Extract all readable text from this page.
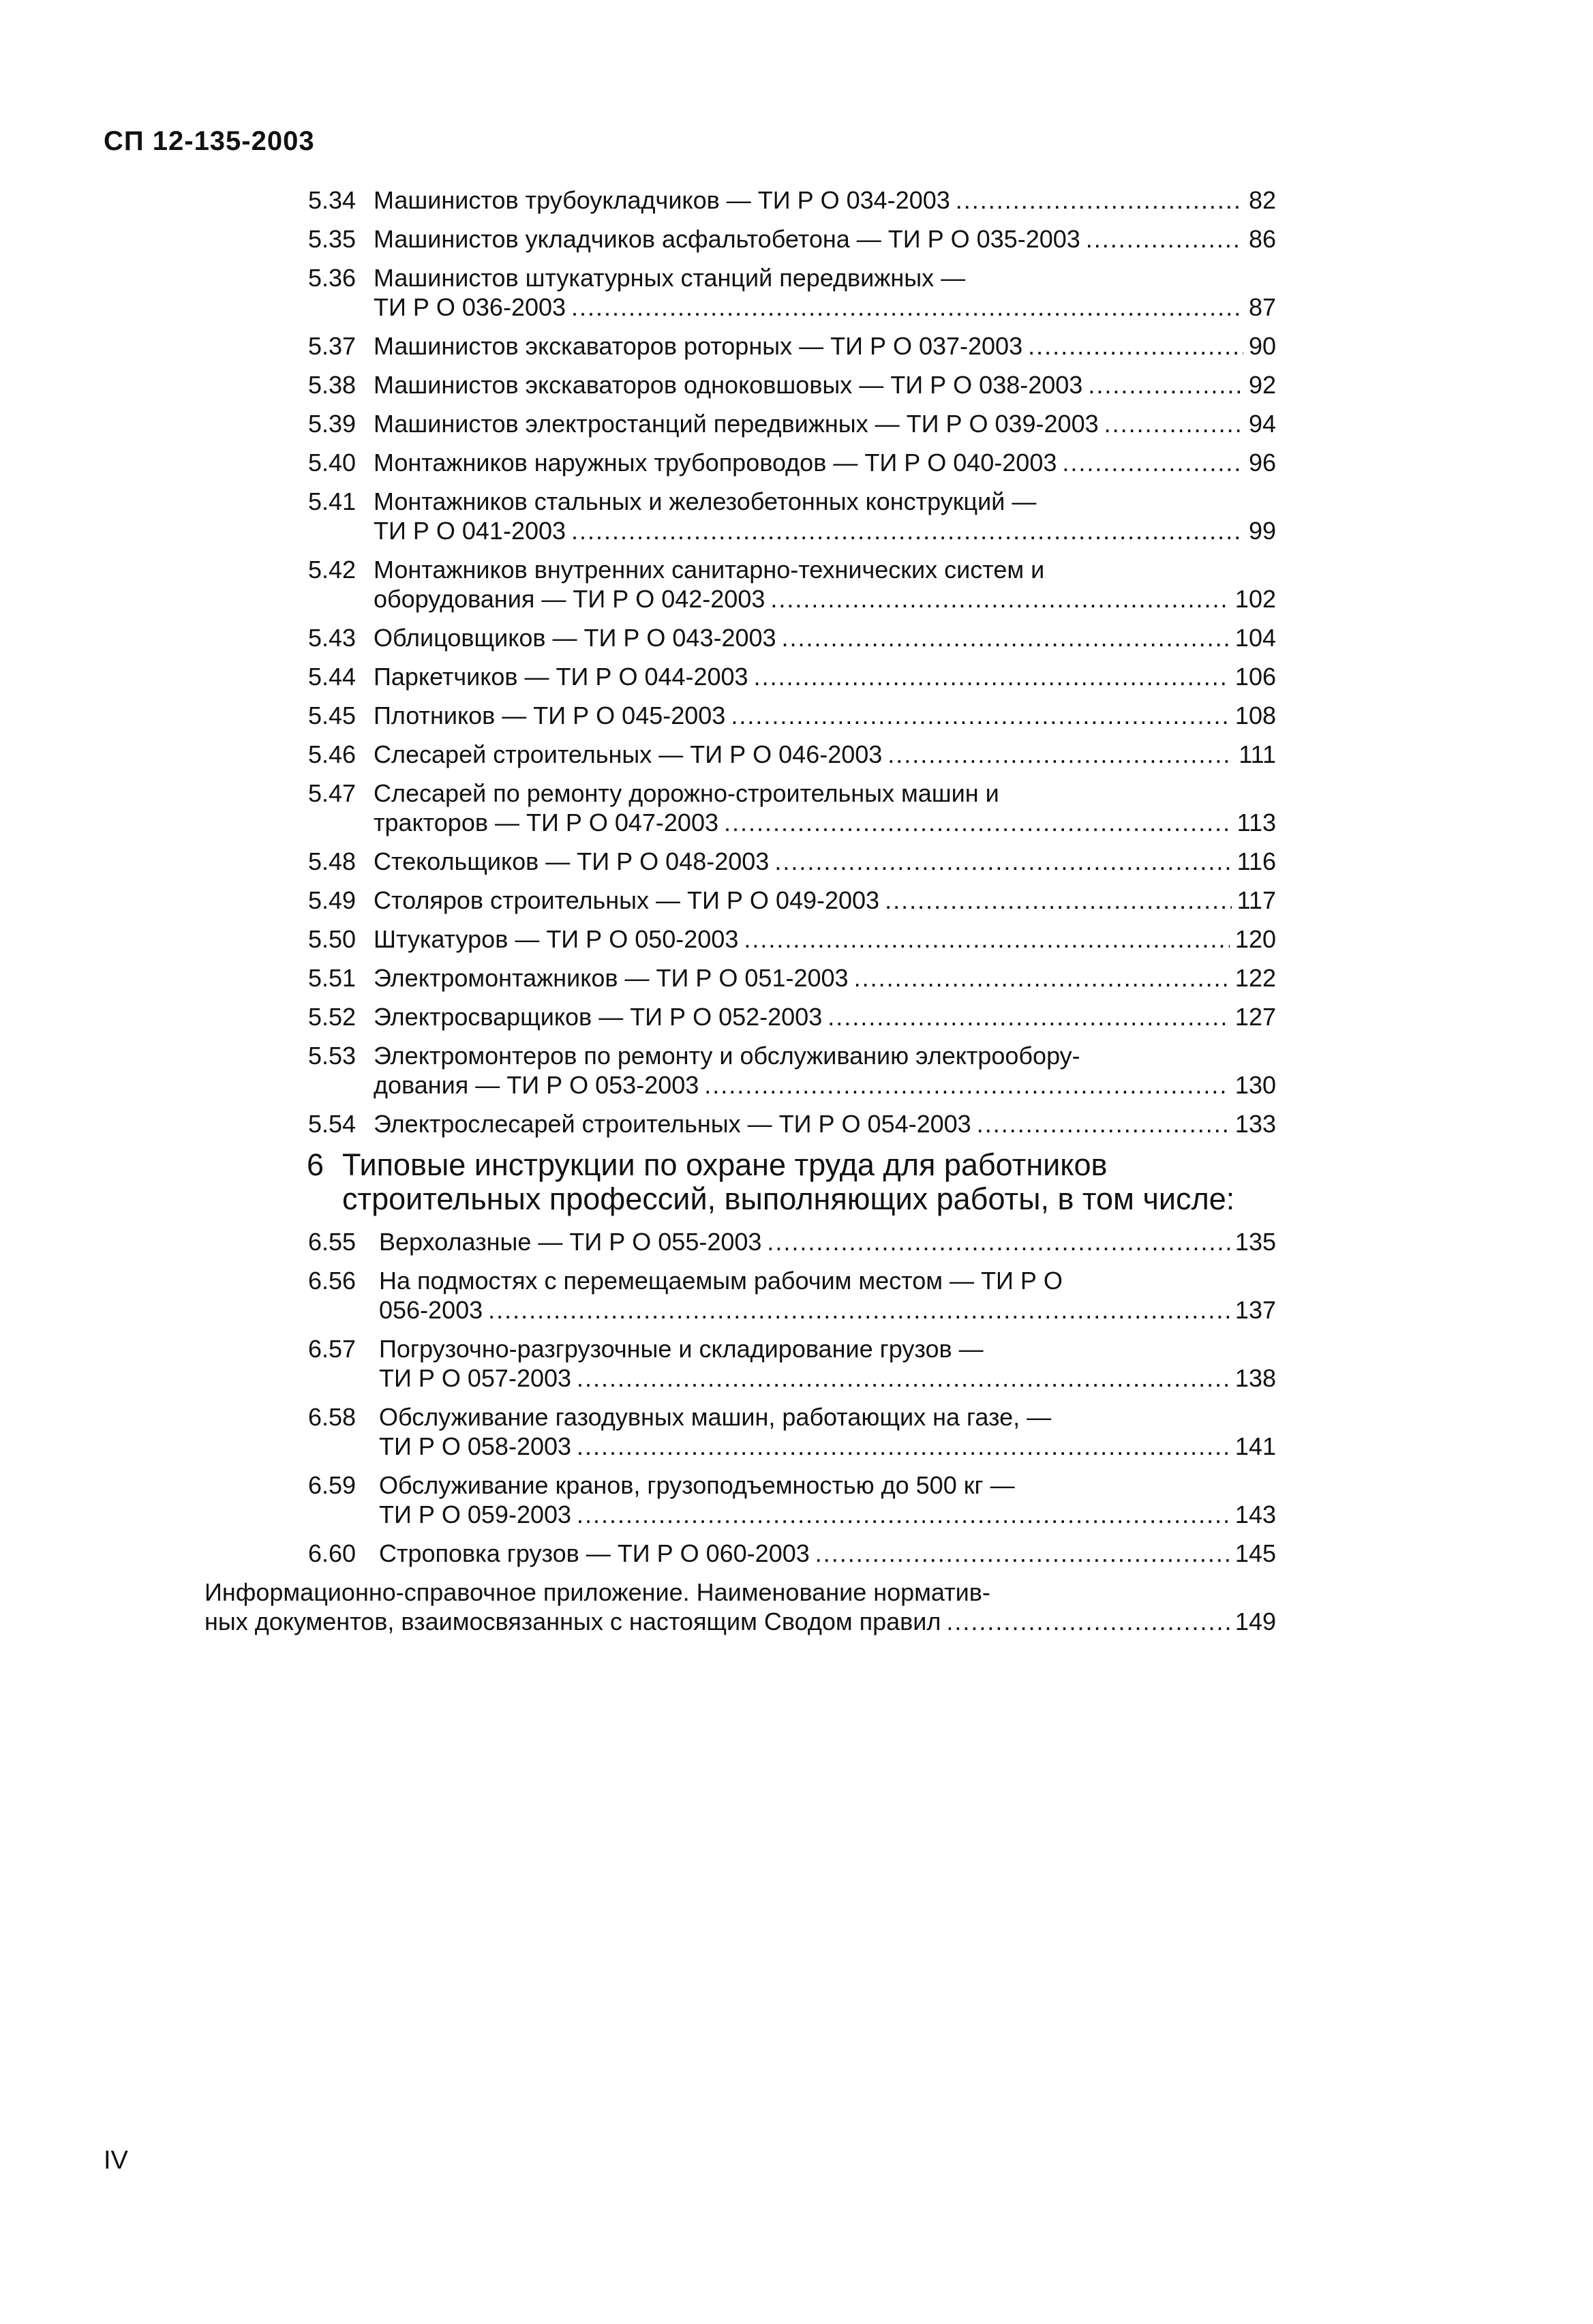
СП 12-135-2003
5.34 Машинистов трубоукладчиков — ТИ Р О 034-2003 .....	82
5.35 Машинистов укладчиков асфальтобетона — ТИ Р О 035-2003 .....	86
5.36 Машинистов штукатурных станций передвижных —
ТИ Р О 036-2003 .....	87
5.37 Машинистов экскаваторов роторных — ТИ Р О 037-2003 .....	90
5.38 Машинистов экскаваторов одноковшовых — ТИ Р О 038-2003 .....	92
5.39 Машинистов электростанций передвижных — ТИ Р О 039-2003 .....	94
5.40 Монтажников наружных трубопроводов — ТИ Р О 040-2003 .....	96
5.41 Монтажников стальных и железобетонных конструкций —
ТИ Р О 041-2003 .....	99
5.42 Монтажников внутренних санитарно-технических систем и
оборудования — ТИ Р О 042-2003 .....	102
5.43 Облицовщиков — ТИ Р О 043-2003 .....	104
5.44 Паркетчиков — ТИ Р О 044-2003 .....	106
5.45 Плотников — ТИ Р О 045-2003 .....	108
5.46 Слесарей строительных — ТИ Р О 046-2003 .....	111
5.47 Слесарей по ремонту дорожно-строительных машин и
тракторов — ТИ Р О 047-2003 .....	113
5.48 Стекольщиков — ТИ Р О 048-2003 .....	116
5.49 Столяров строительных — ТИ Р О 049-2003 .....	117
5.50 Штукатуров — ТИ Р О 050-2003 .....	120
5.51 Электромонтажников — ТИ Р О 051-2003 .....	122
5.52 Электросварщиков — ТИ Р О 052-2003 .....	127
5.53 Электромонтеров по ремонту и обслуживанию электрообору-
дования — ТИ Р О 053-2003 .....	130
5.54 Электрослесарей строительных — ТИ Р О 054-2003 .....	133
6 Типовые инструкции по охране труда для работников
строительных профессий, выполняющих работы, в том числе:
6.55 Верхолазные — ТИ Р О 055-2003 .....	135
6.56 На подмостях с перемещаемым рабочим местом — ТИ Р О
056-2003 .....	137
6.57 Погрузочно-разгрузочные и складирование грузов —
ТИ Р О 057-2003 .....	138
6.58 Обслуживание газодувных машин, работающих на газе, —
ТИ Р О 058-2003 .....	141
6.59 Обслуживание кранов, грузоподъемностью до 500 кг —
ТИ Р О 059-2003 .....	143
6.60 Строповка грузов — ТИ Р О 060-2003 .....	145
Информационно-справочное приложение. Наименование норматив-
ных документов, взаимосвязанных с настоящим Сводом правил .....	149
IV
